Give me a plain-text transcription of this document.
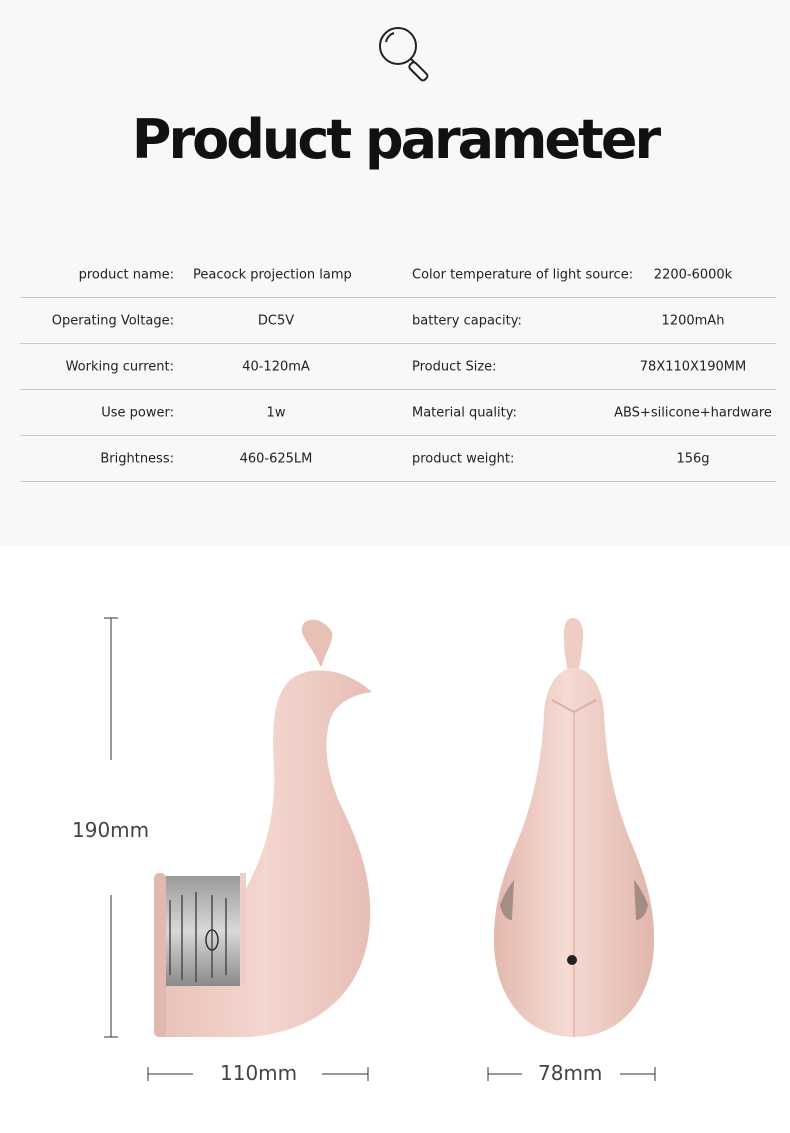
Product parameter
product name: Peacock projection lamp	Color temperature of light source: 2200-6000k
Operating Voltage:	DC5V	battery capacity:	1200mAh
Working current:	40-120mA	Product Size:	78X110X190MM
Use power:	1w	Material quality:	ABS+silicone+hardware
Brightness:	460-625LM	product weight:	156g
190mm
110mm	78mm
